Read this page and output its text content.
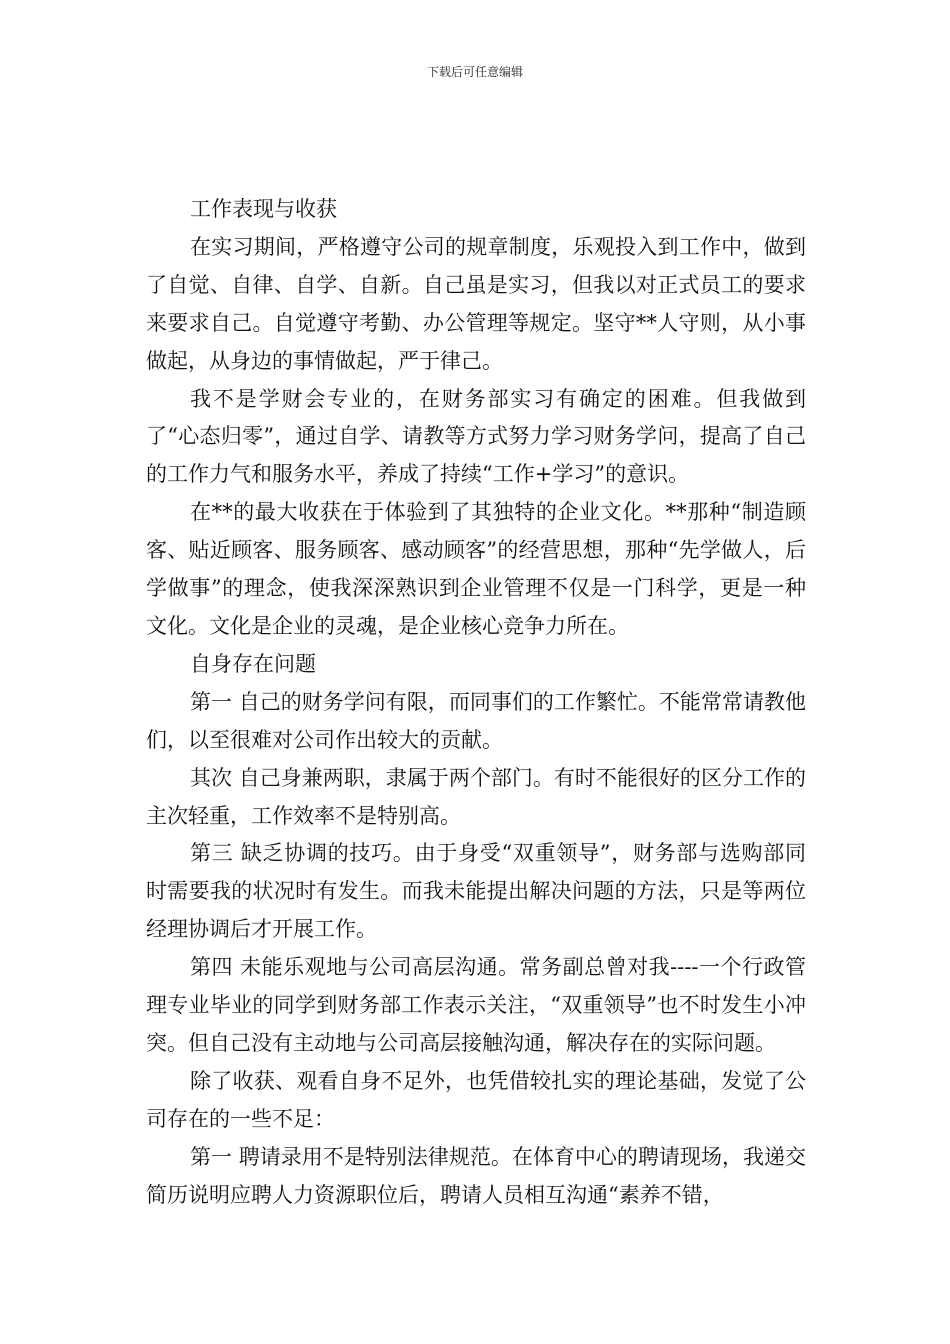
下载后可任意编辑

工作表现与收获

在实习期间，严格遵守公司的规章制度，乐观投入到工作中，做到了自觉、自律、自学、自新。自己虽是实习，但我以对正式员工的要求来要求自己。自觉遵守考勤、办公管理等规定。坚守**人守则，从小事做起，从身边的事情做起，严于律己。

我不是学财会专业的，在财务部实习有确定的困难。但我做到了“心态归零”，通过自学、请教等方式努力学习财务学问，提高了自己的工作力气和服务水平，养成了持续“工作+学习”的意识。

在**的最大收获在于体验到了其独特的企业文化。**那种“制造顾客、贴近顾客、服务顾客、感动顾客”的经营思想，那种“先学做人，后学做事”的理念，使我深深熟识到企业管理不仅是一门科学，更是一种文化。文化是企业的灵魂，是企业核心竞争力所在。

自身存在问题

第一 自己的财务学问有限，而同事们的工作繁忙。不能常常请教他们，以至很难对公司作出较大的贡献。

其次 自己身兼两职，隶属于两个部门。有时不能很好的区分工作的主次轻重，工作效率不是特别高。

第三 缺乏协调的技巧。由于身受“双重领导”，财务部与选购部同时需要我的状况时有发生。而我未能提出解决问题的方法，只是等两位经理协调后才开展工作。

第四 未能乐观地与公司高层沟通。常务副总曾对我----一个行政管理专业毕业的同学到财务部工作表示关注，“双重领导”也不时发生小冲突。但自己没有主动地与公司高层接触沟通，解决存在的实际问题。

除了收获、观看自身不足外，也凭借较扎实的理论基础，发觉了公司存在的一些不足：

第一 聘请录用不是特别法律规范。在体育中心的聘请现场，我递交简历说明应聘人力资源职位后，聘请人员相互沟通“素养不错，
